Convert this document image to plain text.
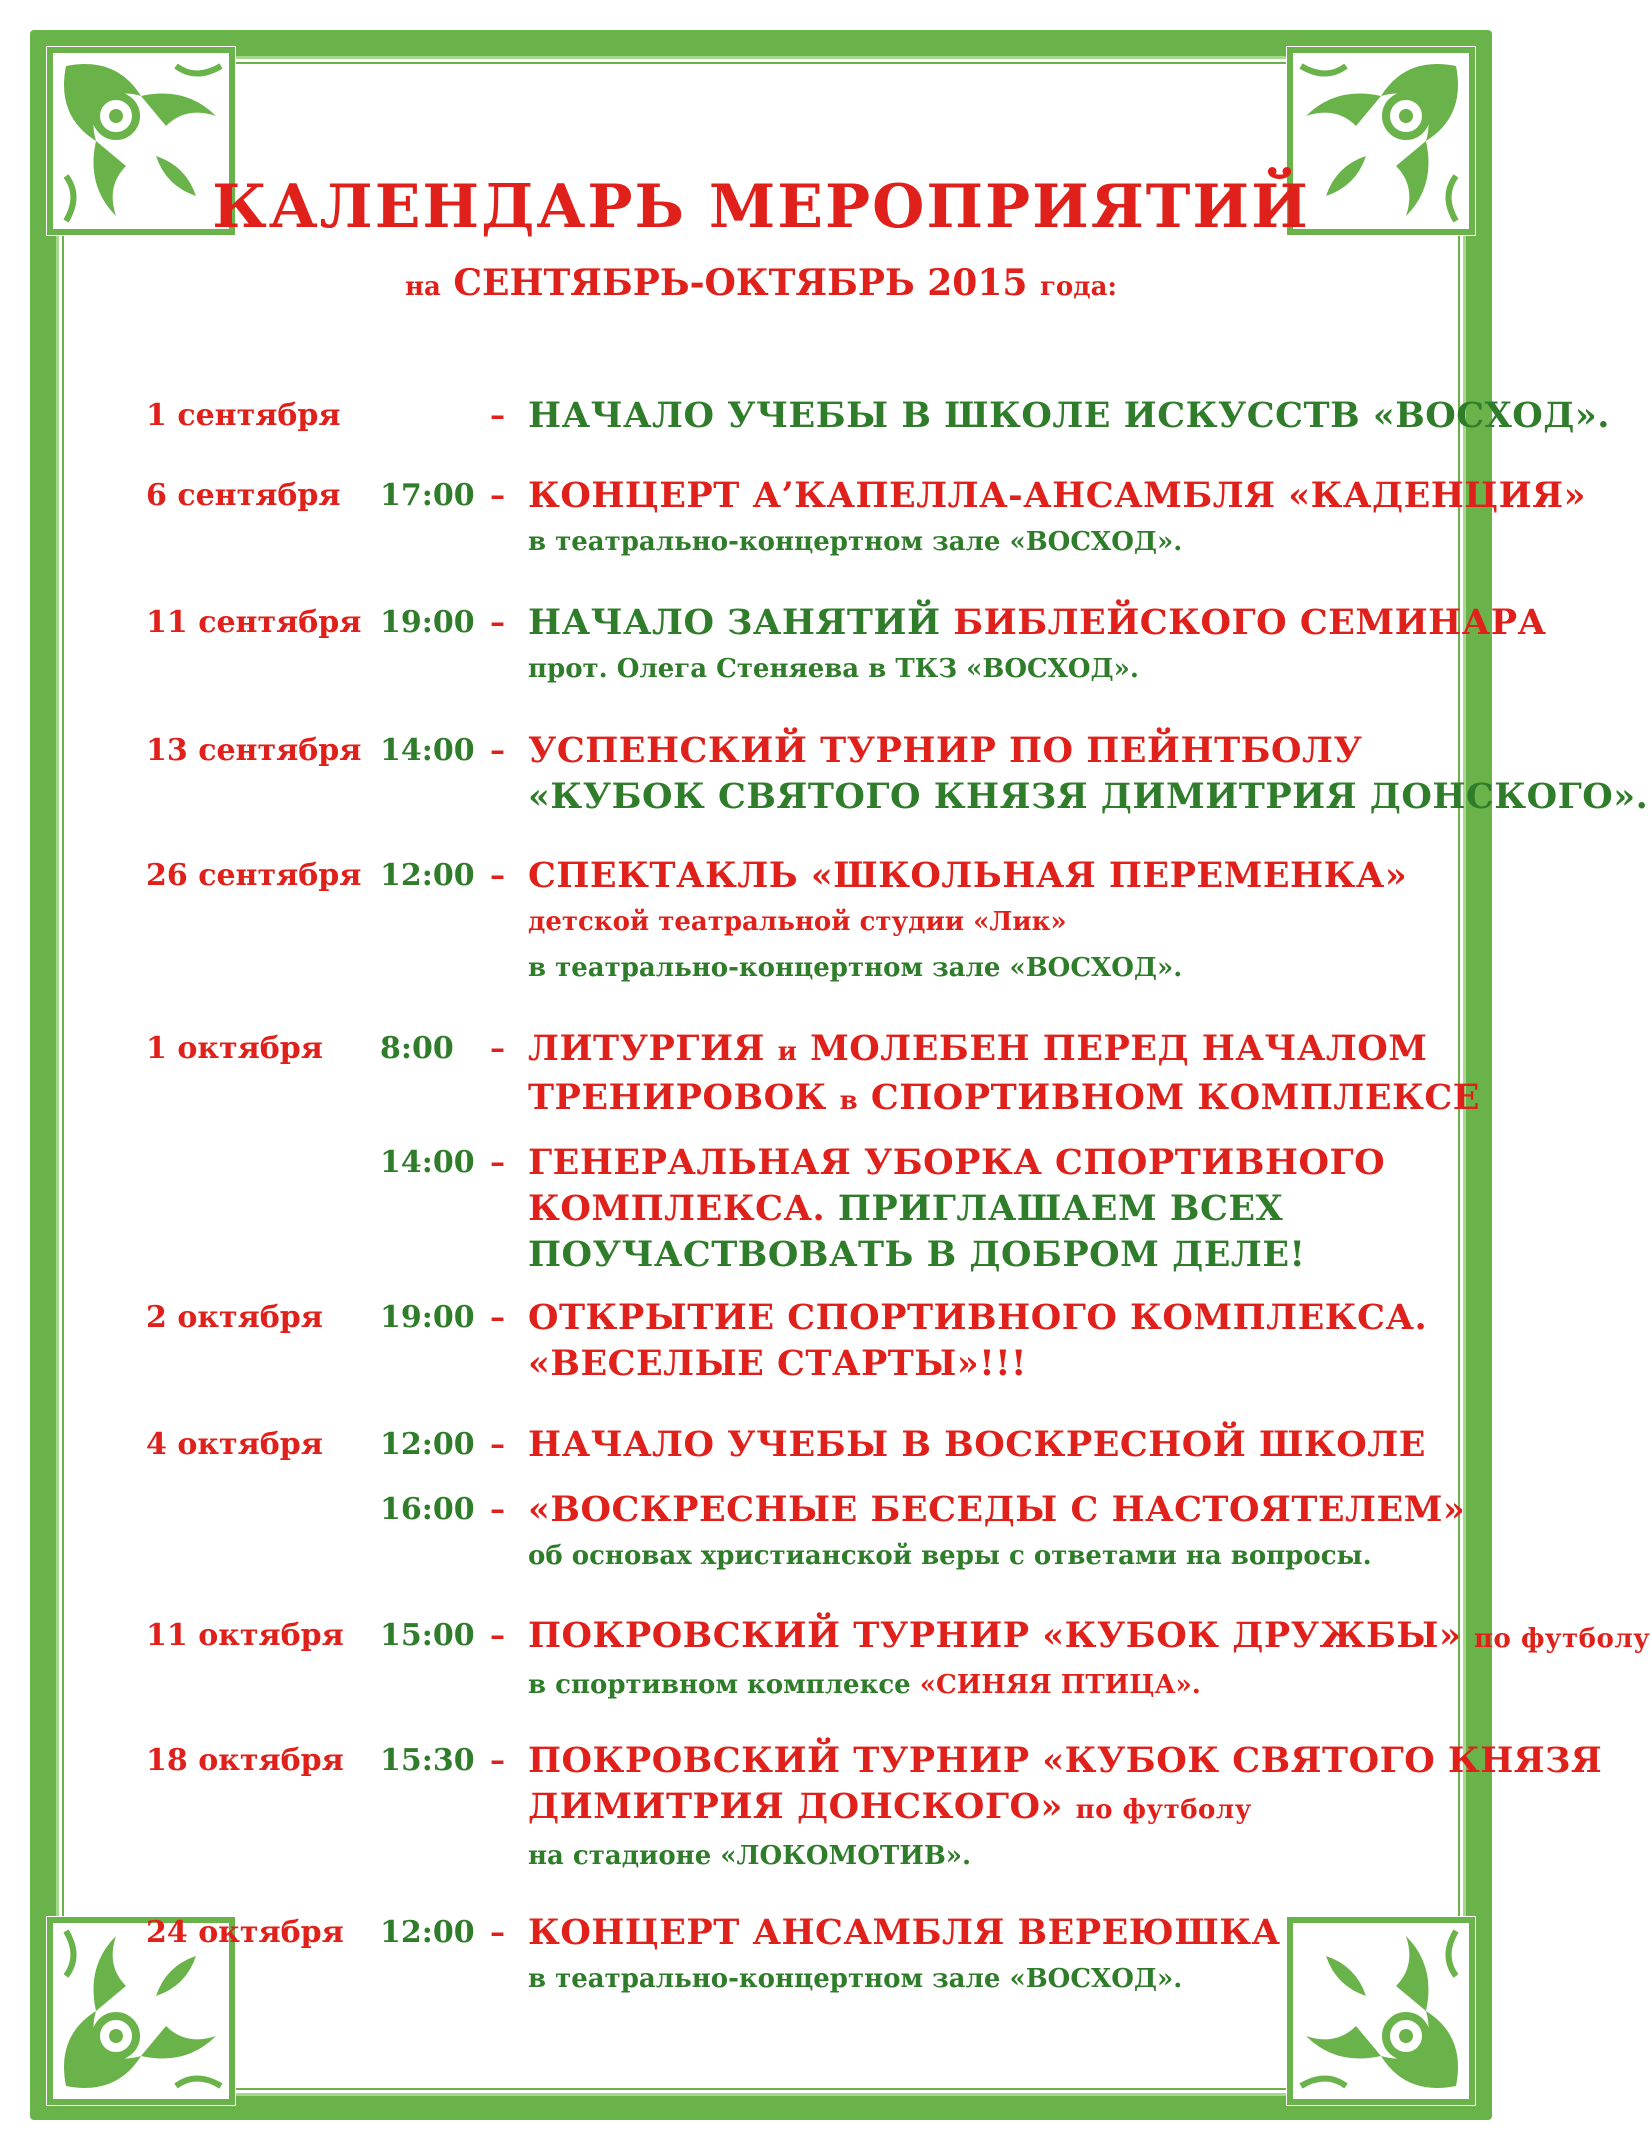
КАЛЕНДАРЬ МЕРОПРИЯТИЙ
на СЕНТЯБРЬ-ОКТЯБРЬ 2015 года:
1 сентября	– НАЧАЛО УЧЕБЫ В ШКОЛЕ ИСКУССТВ «ВОСХОД».
6 сентября 17:00 – КОНЦЕРТ А’КАПЕЛЛА-АНСАМБЛЯ «КАДЕНЦИЯ»
в театрально-концертном зале «ВОСХОД».
11 сентября 19:00 – НАЧАЛО ЗАНЯТИЙ БИБЛЕЙСКОГО СЕМИНАРА
прот. Олега Стеняева в ТКЗ «ВОСХОД».
13 сентября 14:00 – УСПЕНСКИЙ ТУРНИР ПО ПЕЙНТБОЛУ
«КУБОК СВЯТОГО КНЯЗЯ ДИМИТРИЯ ДОНСКОГО».
26 сентября 12:00 – СПЕКТАКЛЬ «ШКОЛЬНАЯ ПЕРЕМЕНКА»
детской театральной студии «Лик»
в театрально-концертном зале «ВОСХОД».
1 октября 8:00 – ЛИТУРГИЯ и МОЛЕБЕН ПЕРЕД НАЧАЛОМ
ТРЕНИРОВОК в СПОРТИВНОМ КОМПЛЕКСЕ
14:00 – ГЕНЕРАЛЬНАЯ УБОРКА СПОРТИВНОГО
КОМПЛЕКСА. ПРИГЛАШАЕМ ВСЕХ
ПОУЧАСТВОВАТЬ В ДОБРОМ ДЕЛЕ!
2 октября 19:00 – ОТКРЫТИЕ СПОРТИВНОГО КОМПЛЕКСА.
«ВЕСЕЛЫЕ СТАРТЫ»!!!
4 октября 12:00 – НАЧАЛО УЧЕБЫ В ВОСКРЕСНОЙ ШКОЛЕ
16:00 – «ВОСКРЕСНЫЕ БЕСЕДЫ С НАСТОЯТЕЛЕМ»
об основах христианской веры с ответами на вопросы.
11 октября 15:00 – ПОКРОВСКИЙ ТУРНИР «КУБОК ДРУЖБЫ» по футболу
в спортивном комплексе «СИНЯЯ ПТИЦА».
18 октября 15:30 – ПОКРОВСКИЙ ТУРНИР «КУБОК СВЯТОГО КНЯЗЯ
ДИМИТРИЯ ДОНСКОГО» по футболу
на стадионе «ЛОКОМОТИВ».
24 октября 12:00 – КОНЦЕРТ АНСАМБЛЯ ВЕРЕЮШКА
в театрально-концертном зале «ВОСХОД».
